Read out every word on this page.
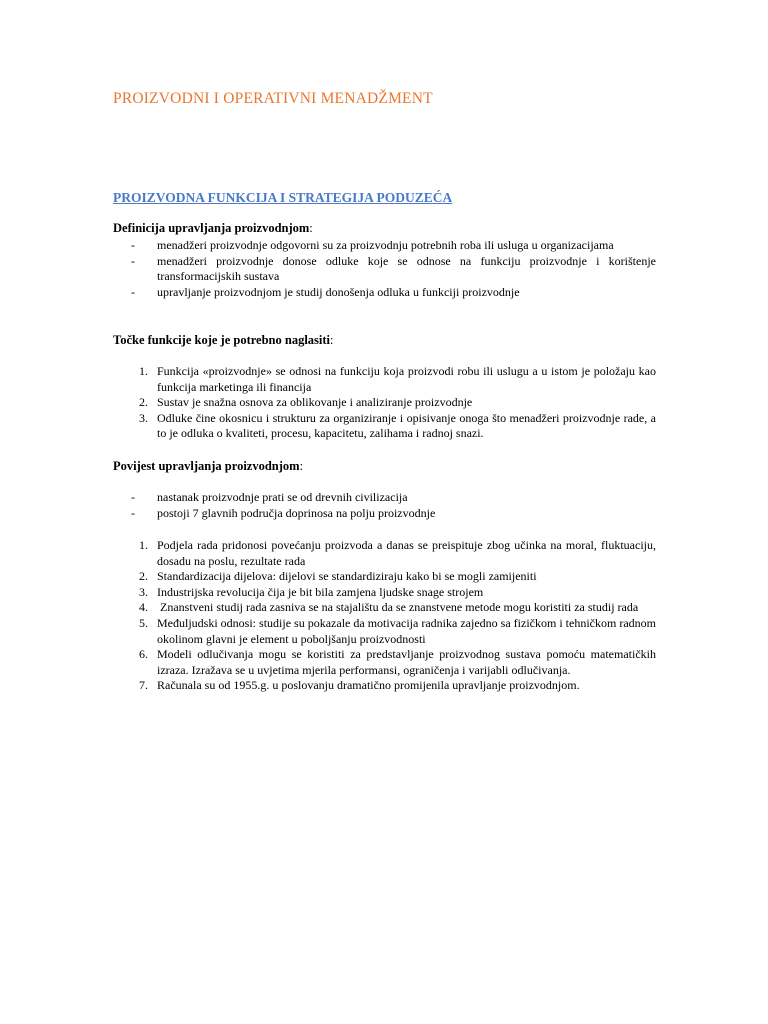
PROIZVODNI I OPERATIVNI MENADŽMENT
PROIZVODNA FUNKCIJA I STRATEGIJA PODUZEĆA

Definicija upravljanja proizvodnjom:

- menadžeri proizvodnje odgovorni su za proizvodnju potrebnih roba ili usluga u organizacijama
- menadžeri proizvodnje donose odluke koje se odnose na funkciju proizvodnje i korištenje transformacijskih sustava
- upravljanje proizvodnjom je studij donošenja odluka u funkciji proizvodnje

Točke funkcije koje je potrebno naglasiti:

1. Funkcija «proizvodnje» se odnosi na funkciju koja proizvodi robu ili uslugu a u istom je položaju kao funkcija marketinga ili financija
2. Sustav je snažna osnova za oblikovanje i analiziranje proizvodnje
3. Odluke čine okosnicu i strukturu za organiziranje i opisivanje onoga što menadžeri proizvodnje rade, a to je odluka o kvaliteti, procesu, kapacitetu, zalihama i radnoj snazi.

Povijest upravljanja proizvodnjom:

- nastanak proizvodnje prati se od drevnih civilizacija
- postoji 7 glavnih područja doprinosa na polju proizvodnje
1. Podjela rada pridonosi povećanju proizvoda a danas se preispituje zbog učinka na moral, fluktuaciju, dosadu na poslu, rezultate rada
2. Standardizacija dijelova: dijelovi se standardiziraju kako bi se mogli zamijeniti
3. Industrijska revolucija čija je bit bila zamjena ljudske snage strojem
4. Znanstveni studij rada zasniva se na stajalištu da se znanstvene metode mogu koristiti za studij rada
5. Međuljudski odnosi: studije su pokazale da motivacija radnika zajedno sa fizičkom i tehničkom radnom okolinom glavni je element u poboljšanju proizvodnosti
6. Modeli odlučivanja mogu se koristiti za predstavljanje proizvodnog sustava pomoću matematičkih izraza. Izražava se u uvjetima mjerila performansi, ograničenja i varijabli odlučivanja.
7. Računala su od 1955.g. u poslovanju dramatično promijenila upravljanje proizvodnjom.
